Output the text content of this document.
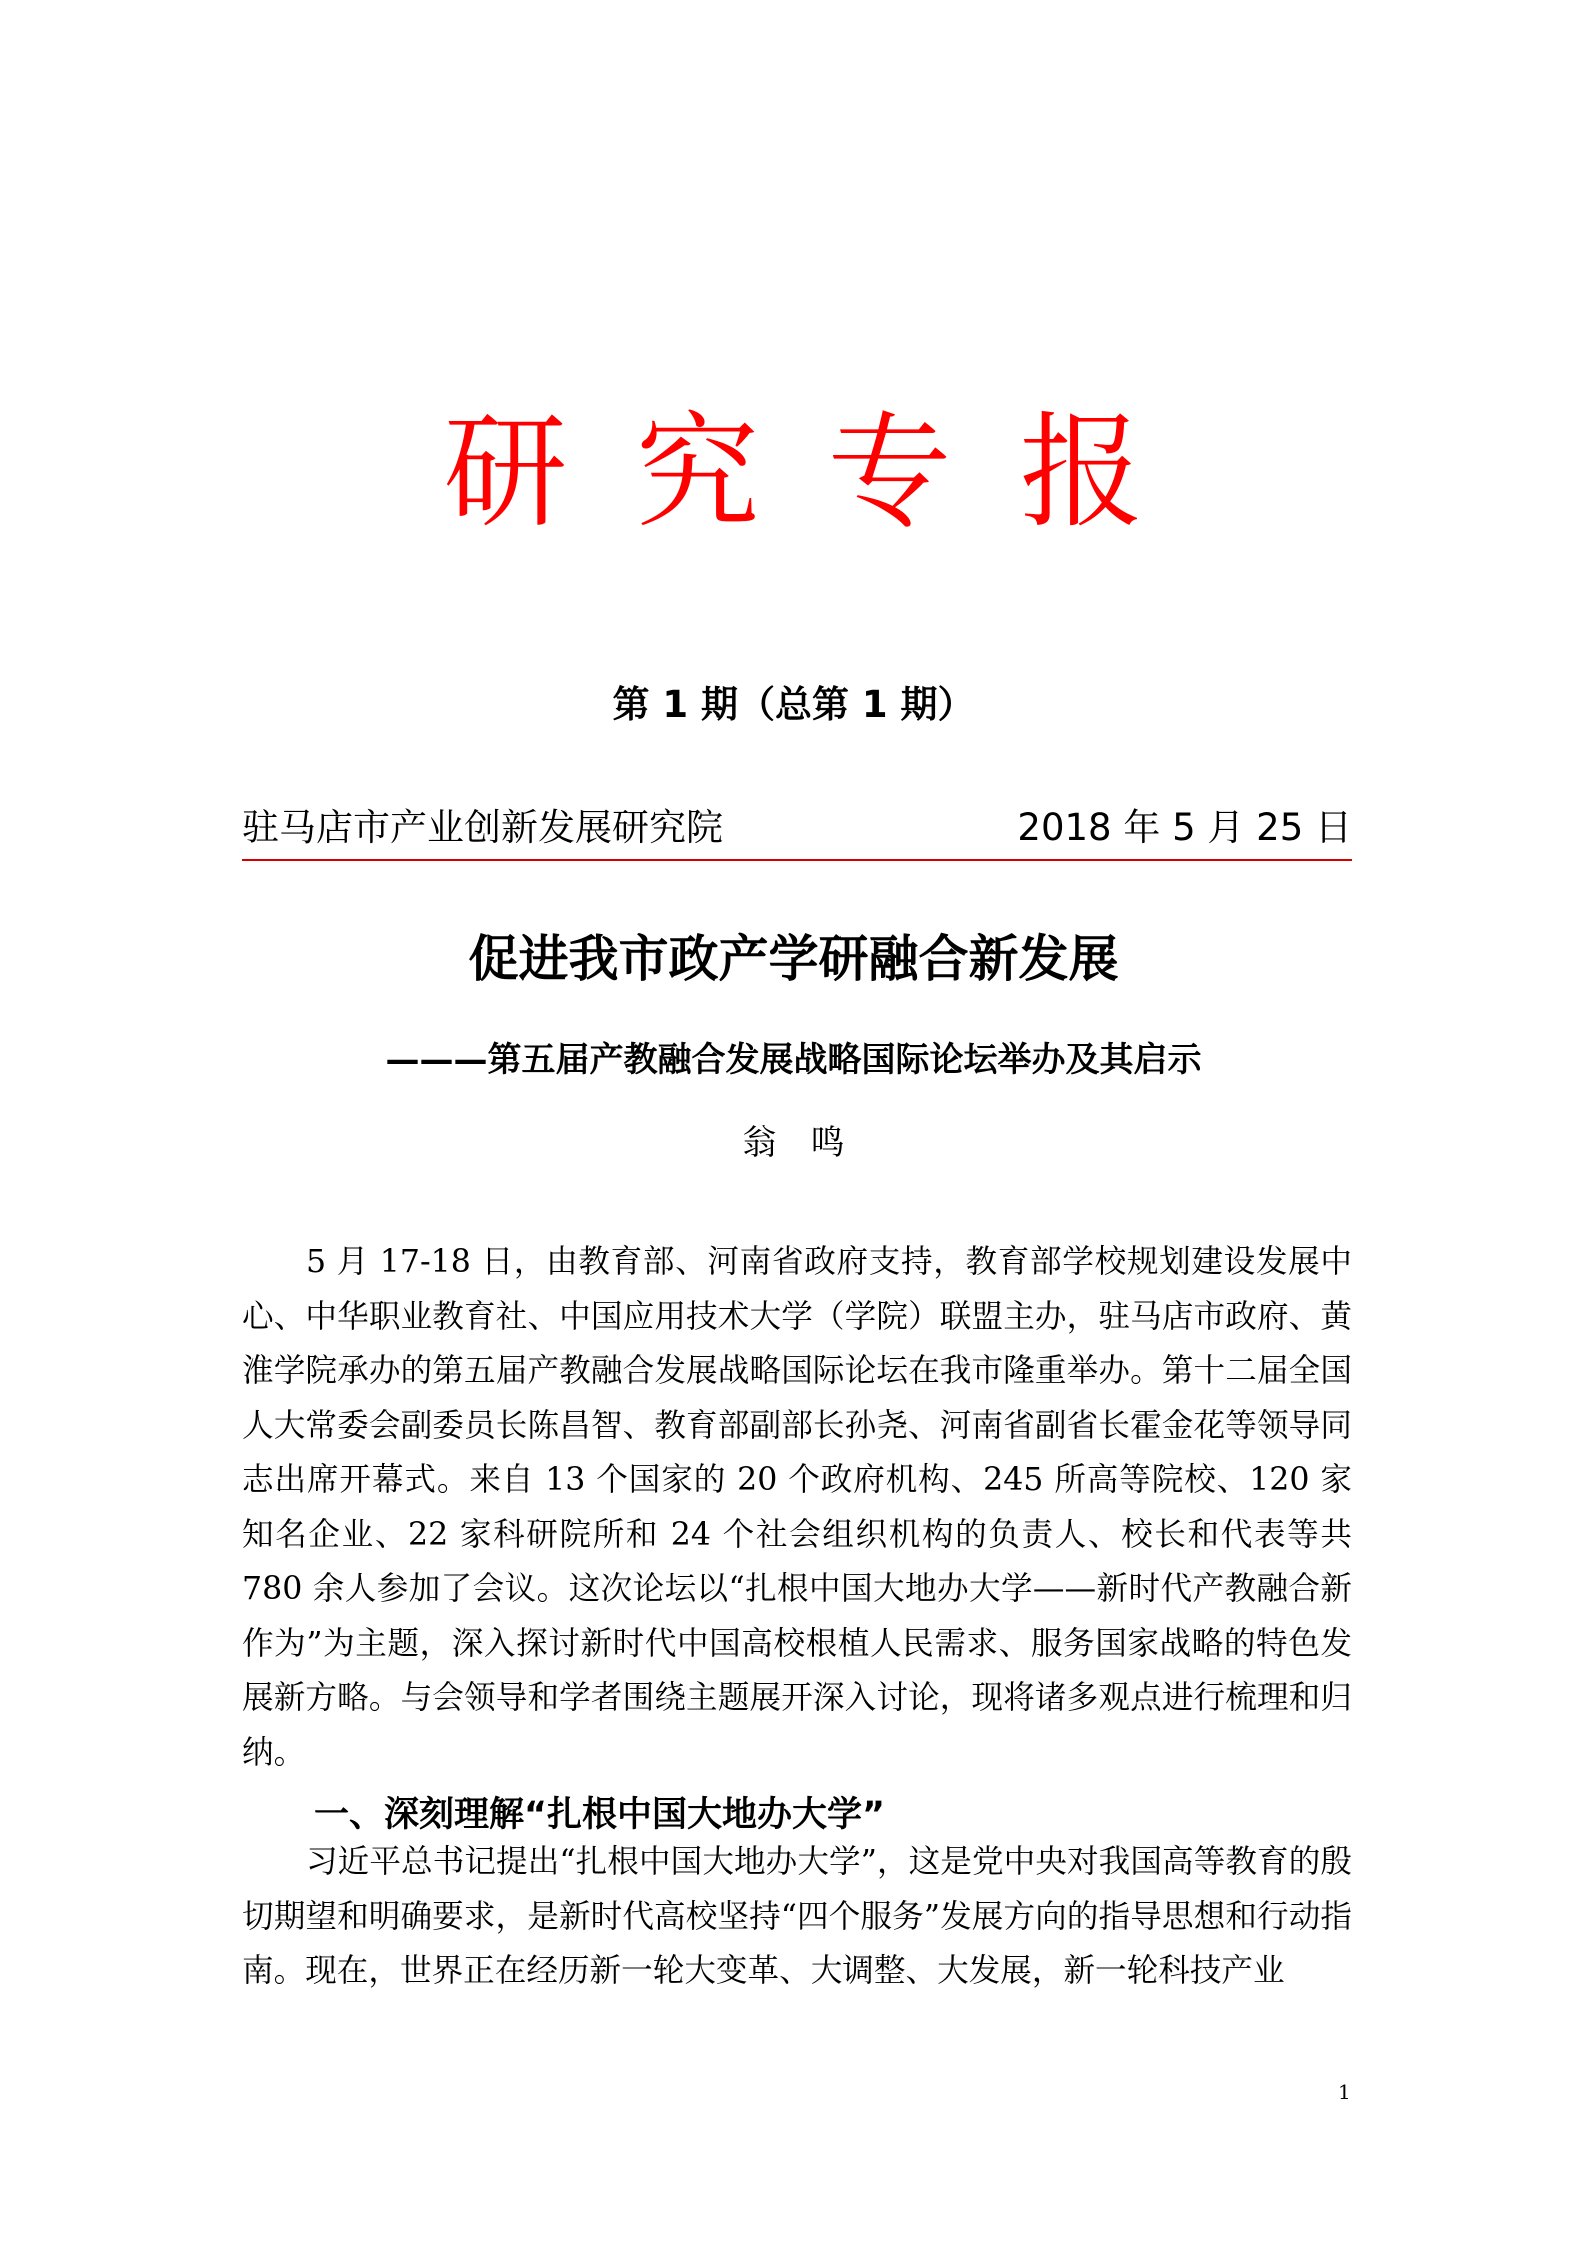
研究专报
第 1 期（总第 1 期）
驻马店市产业创新发展研究院	2018 年 5 月 25 日
促进我市政产学研融合新发展
———第五届产教融合发展战略国际论坛举办及其启示
翁鸣

5 月 17-18 日，由教育部、河南省政府支持，教育部学校规划建设发展中心、中华职业教育社、中国应用技术大学（学院）联盟主办，驻马店市政府、黄淮学院承办的第五届产教融合发展战略国际论坛在我市隆重举办。第十二届全国人大常委会副委员长陈昌智、教育部副部长孙尧、河南省副省长霍金花等领导同志出席开幕式。来自 13 个国家的 20 个政府机构、245 所高等院校、120 家知名企业、22 家科研院所和 24 个社会组织机构的负责人、校长和代表等共 780 余人参加了会议。这次论坛以“扎根中国大地办大学——新时代产教融合新作为”为主题，深入探讨新时代中国高校根植人民需求、服务国家战略的特色发展新方略。与会领导和学者围绕主题展开深入讨论，现将诸多观点进行梳理和归纳。

一、深刻理解“扎根中国大地办大学”

习近平总书记提出“扎根中国大地办大学”，这是党中央对我国高等教育的殷切期望和明确要求，是新时代高校坚持“四个服务”发展方向的指导思想和行动指南。现在，世界正在经历新一轮大变革、大调整、大发展，新一轮科技产业

1
